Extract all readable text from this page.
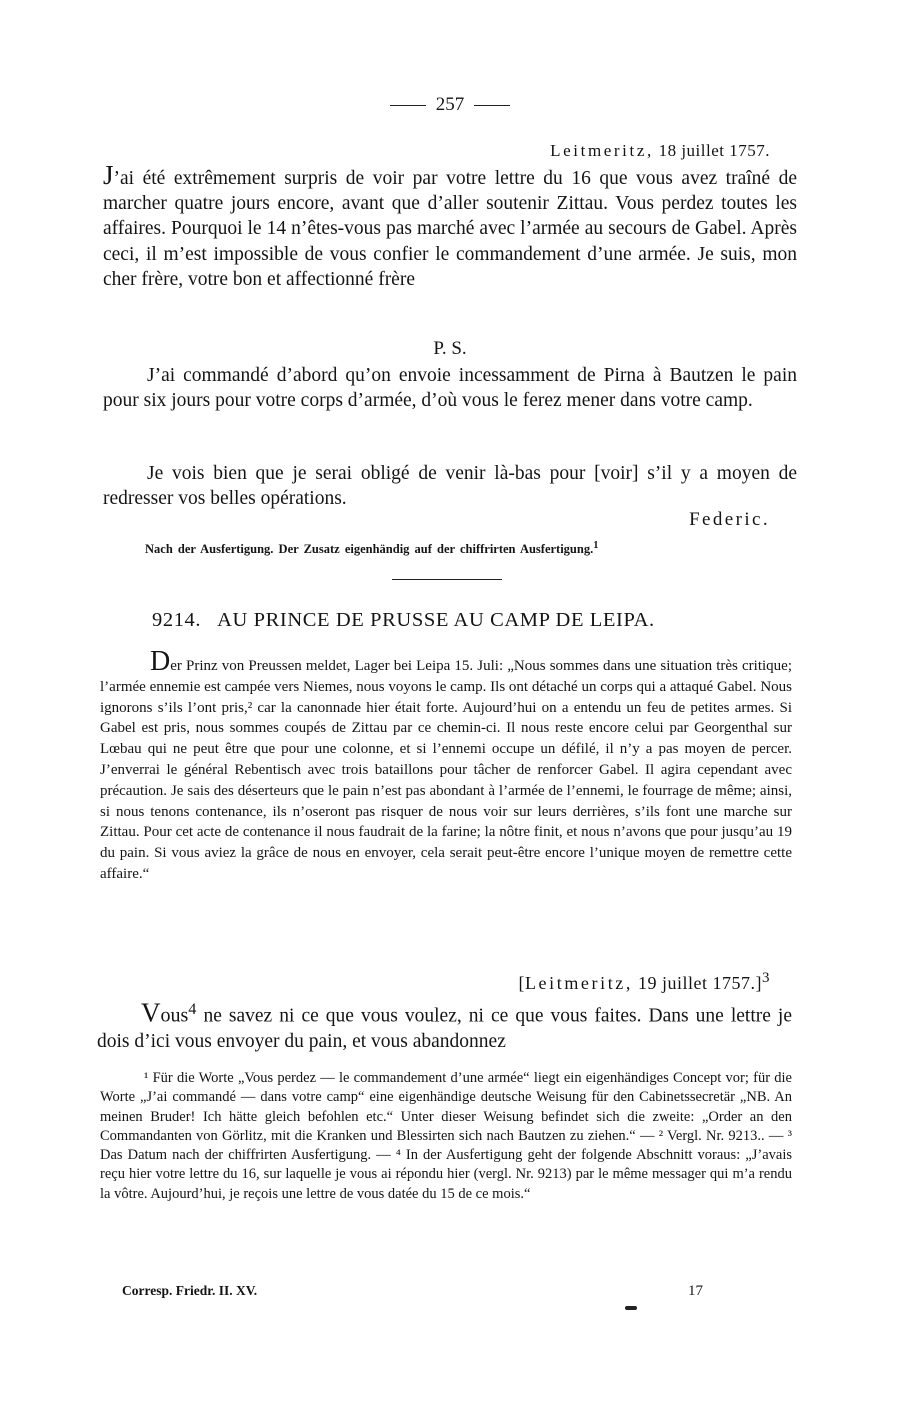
257
Leitmeritz, 18 juillet 1757.

J’ai été extrêmement surpris de voir par votre lettre du 16 que vous avez traîné de marcher quatre jours encore, avant que d’aller soutenir Zittau. Vous perdez toutes les affaires. Pourquoi le 14 n’êtes-vous pas marché avec l’armée au secours de Gabel. Après ceci, il m’est impossible de vous confier le commandement d’une armée. Je suis, mon cher frère, votre bon et affectionné frère

P. S.

J’ai commandé d’abord qu’on envoie incessamment de Pirna à Bautzen le pain pour six jours pour votre corps d’armée, d’où vous le ferez mener dans votre camp.

Je vois bien que je serai obligé de venir là-bas pour [voir] s’il y a moyen de redresser vos belles opérations.

Federic.
Nach der Ausfertigung. Der Zusatz eigenhändig auf der chiffrirten Ausfertigung.$^1$
9214. AU PRINCE DE PRUSSE AU CAMP DE LEIPA.

Der Prinz von Preussen meldet, Lager bei Leipa 15. Juli: „Nous sommes dans une situation très critique; l’armée ennemie est campée vers Niemes, nous voyons le camp. Ils ont détaché un corps qui a attaqué Gabel. Nous ignorons s’ils l’ont pris,² car la canonnade hier était forte. Aujourd’hui on a entendu un feu de petites armes. Si Gabel est pris, nous sommes coupés de Zittau par ce chemin-ci. Il nous reste encore celui par Georgenthal sur Lœbau qui ne peut être que pour une colonne, et si l’ennemi occupe un défilé, il n’y a pas moyen de percer. J’enverrai le général Rebentisch avec trois bataillons pour tâcher de renforcer Gabel. Il agira cependant avec précaution. Je sais des déserteurs que le pain n’est pas abondant à l’armée de l’ennemi, le fourrage de même; ainsi, si nous tenons contenance, ils n’oseront pas risquer de nous voir sur leurs derrières, s’ils font une marche sur Zittau. Pour cet acte de contenance il nous faudrait de la farine; la nôtre finit, et nous n’avons que pour jusqu’au 19 du pain. Si vous aviez la grâce de nous en envoyer, cela serait peut-être encore l’unique moyen de remettre cette affaire.“

[Leitmeritz, 19 juillet 1757.]$^3$

Vous$^4$ ne savez ni ce que vous voulez, ni ce que vous faites. Dans une lettre je dois d’ici vous envoyer du pain, et vous abandonnez

¹ Für die Worte „Vous perdez — le commandement d’une armée“ liegt ein eigenhändiges Concept vor; für die Worte „J’ai commandé — dans votre camp“ eine eigenhändige deutsche Weisung für den Cabinetssecretär „NB. An meinen Bruder! Ich hätte gleich befohlen etc.“ Unter dieser Weisung befindet sich die zweite: „Order an den Commandanten von Görlitz, mit die Kranken und Blessirten sich nach Bautzen zu ziehen.“ — ² Vergl. Nr. 9213.. — ³ Das Datum nach der chiffrirten Ausfertigung. — ⁴ In der Ausfertigung geht der folgende Abschnitt voraus: „J’avais reçu hier votre lettre du 16, sur laquelle je vous ai répondu hier (vergl. Nr. 9213) par le même messager qui m’a rendu la vôtre. Aujourd’hui, je reçois une lettre de vous datée du 15 de ce mois.“

Corresp. Friedr. II. XV.	17
